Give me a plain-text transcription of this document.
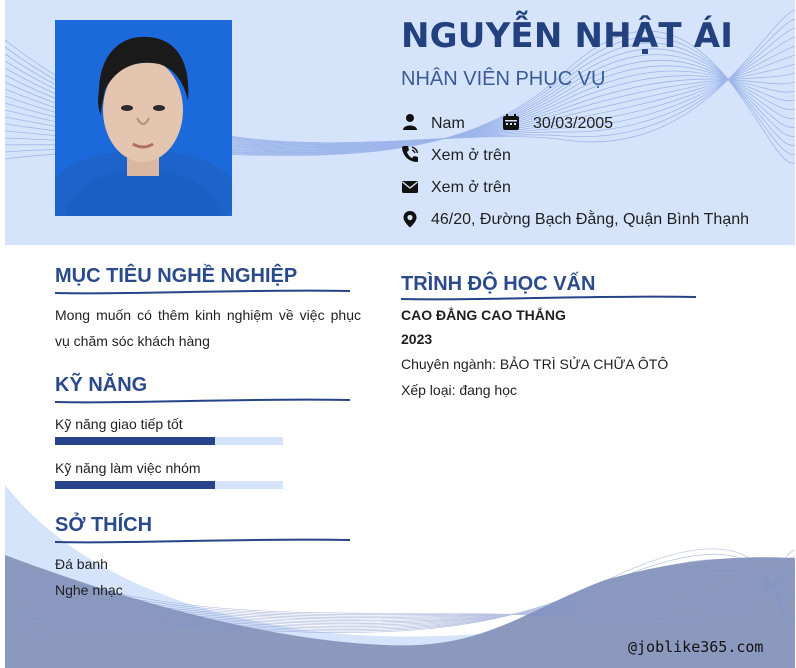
NGUYỄN NHẬT ÁI
NHÂN VIÊN PHỤC VỤ
Nam	30/03/2005
Xem ở trên
Xem ở trên
46/20, Đường Bạch Đằng, Quận Bình Thạnh
MỤC TIÊU NGHỀ NGHIỆP
Mong muốn có thêm kinh nghiệm về việc phục vụ chăm sóc khách hàng
KỸ NĂNG
Kỹ năng giao tiếp tốt
Kỹ năng làm việc nhóm
SỞ THÍCH
Đá banh
Nghe nhạc
TRÌNH ĐỘ HỌC VẤN
CAO ĐẲNG CAO THẮNG
2023
Chuyên ngành: BẢO TRÌ SỬA CHỮA ÔTÔ
Xếp loại: đang học
@joblike365.com
